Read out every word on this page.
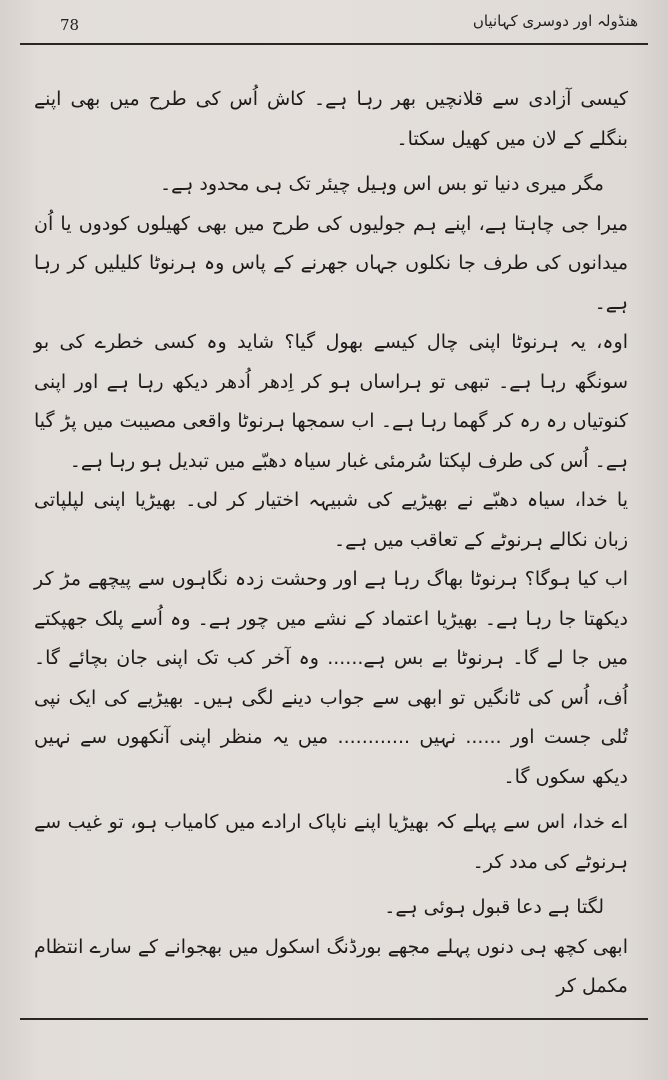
78	ھنڈولہ اور دوسری کہانیاں

کیسی آزادی سے قلانچیں بھر رہا ہے۔ کاش اُس کی طرح میں بھی اپنے بنگلے کے لان میں کھیل سکتا۔

مگر میری دنیا تو بس اس وہیل چیئر تک ہی محدود ہے۔

میرا جی چاہتا ہے، اپنے ہم جولیوں کی طرح میں بھی کھیلوں کودوں یا اُن میدانوں کی طرف جا نکلوں جہاں جھرنے کے پاس وہ ہرنوٹا کلیلیں کر رہا ہے۔

اوہ، یہ ہرنوٹا اپنی چال کیسے بھول گیا؟ شاید وہ کسی خطرے کی بو سونگھ رہا ہے۔ تبھی تو ہراساں ہو کر اِدھر اُدھر دیکھ رہا ہے اور اپنی کنوتیاں رہ رہ کر گھما رہا ہے۔ اب سمجھا ہرنوٹا واقعی مصیبت میں پڑ گیا ہے۔ اُس کی طرف لپکتا سُرمئی غبار سیاہ دھبّے میں تبدیل ہو رہا ہے۔

یا خدا، سیاہ دھبّے نے بھیڑیے کی شبیہہ اختیار کر لی۔ بھیڑیا اپنی لپلپاتی زبان نکالے ہرنوٹے کے تعاقب میں ہے۔

اب کیا ہوگا؟ ہرنوٹا بھاگ رہا ہے اور وحشت زدہ نگاہوں سے پیچھے مڑ کر دیکھتا جا رہا ہے۔ بھیڑیا اعتماد کے نشے میں چور ہے۔ وہ اُسے پلک جھپکتے میں جا لے گا۔ ہرنوٹا بے بس ہے...... وہ آخر کب تک اپنی جان بچائے گا۔ اُف، اُس کی ٹانگیں تو ابھی سے جواب دینے لگی ہیں۔ بھیڑیے کی ایک نپی تُلی جست اور ...... نہیں ............ میں یہ منظر اپنی آنکھوں سے نہیں دیکھ سکوں گا۔

اے خدا، اس سے پہلے کہ بھیڑیا اپنے ناپاک ارادے میں کامیاب ہو، تو غیب سے ہرنوٹے کی مدد کر۔

لگتا ہے دعا قبول ہوئی ہے۔

ابھی کچھ ہی دنوں پہلے مجھے بورڈنگ اسکول میں بھجوانے کے سارے انتظام مکمل کر
